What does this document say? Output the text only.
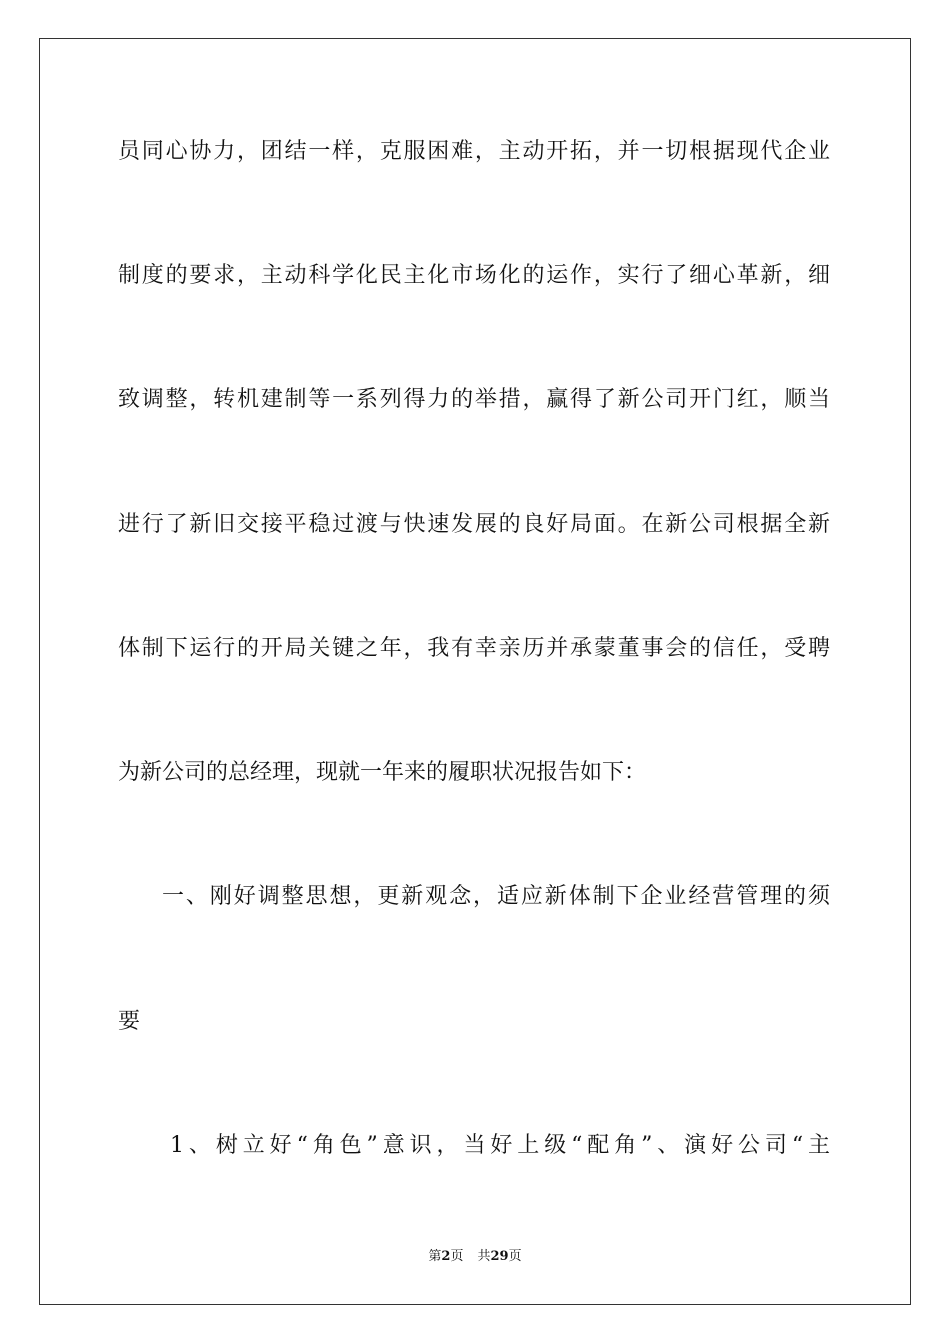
员同心协力，团结一样，克服困难，主动开拓，并一切根据现代企业
制度的要求，主动科学化民主化市场化的运作，实行了细心革新，细
致调整，转机建制等一系列得力的举措，赢得了新公司开门红，顺当
进行了新旧交接平稳过渡与快速发展的良好局面。在新公司根据全新
体制下运行的开局关键之年，我有幸亲历并承蒙董事会的信任，受聘
为新公司的总经理，现就一年来的履职状况报告如下：
一、刚好调整思想，更新观念，适应新体制下企业经营管理的须
要
1、树立好“角色”意识，当好上级“配角”、演好公司“主
第2页 共29页
